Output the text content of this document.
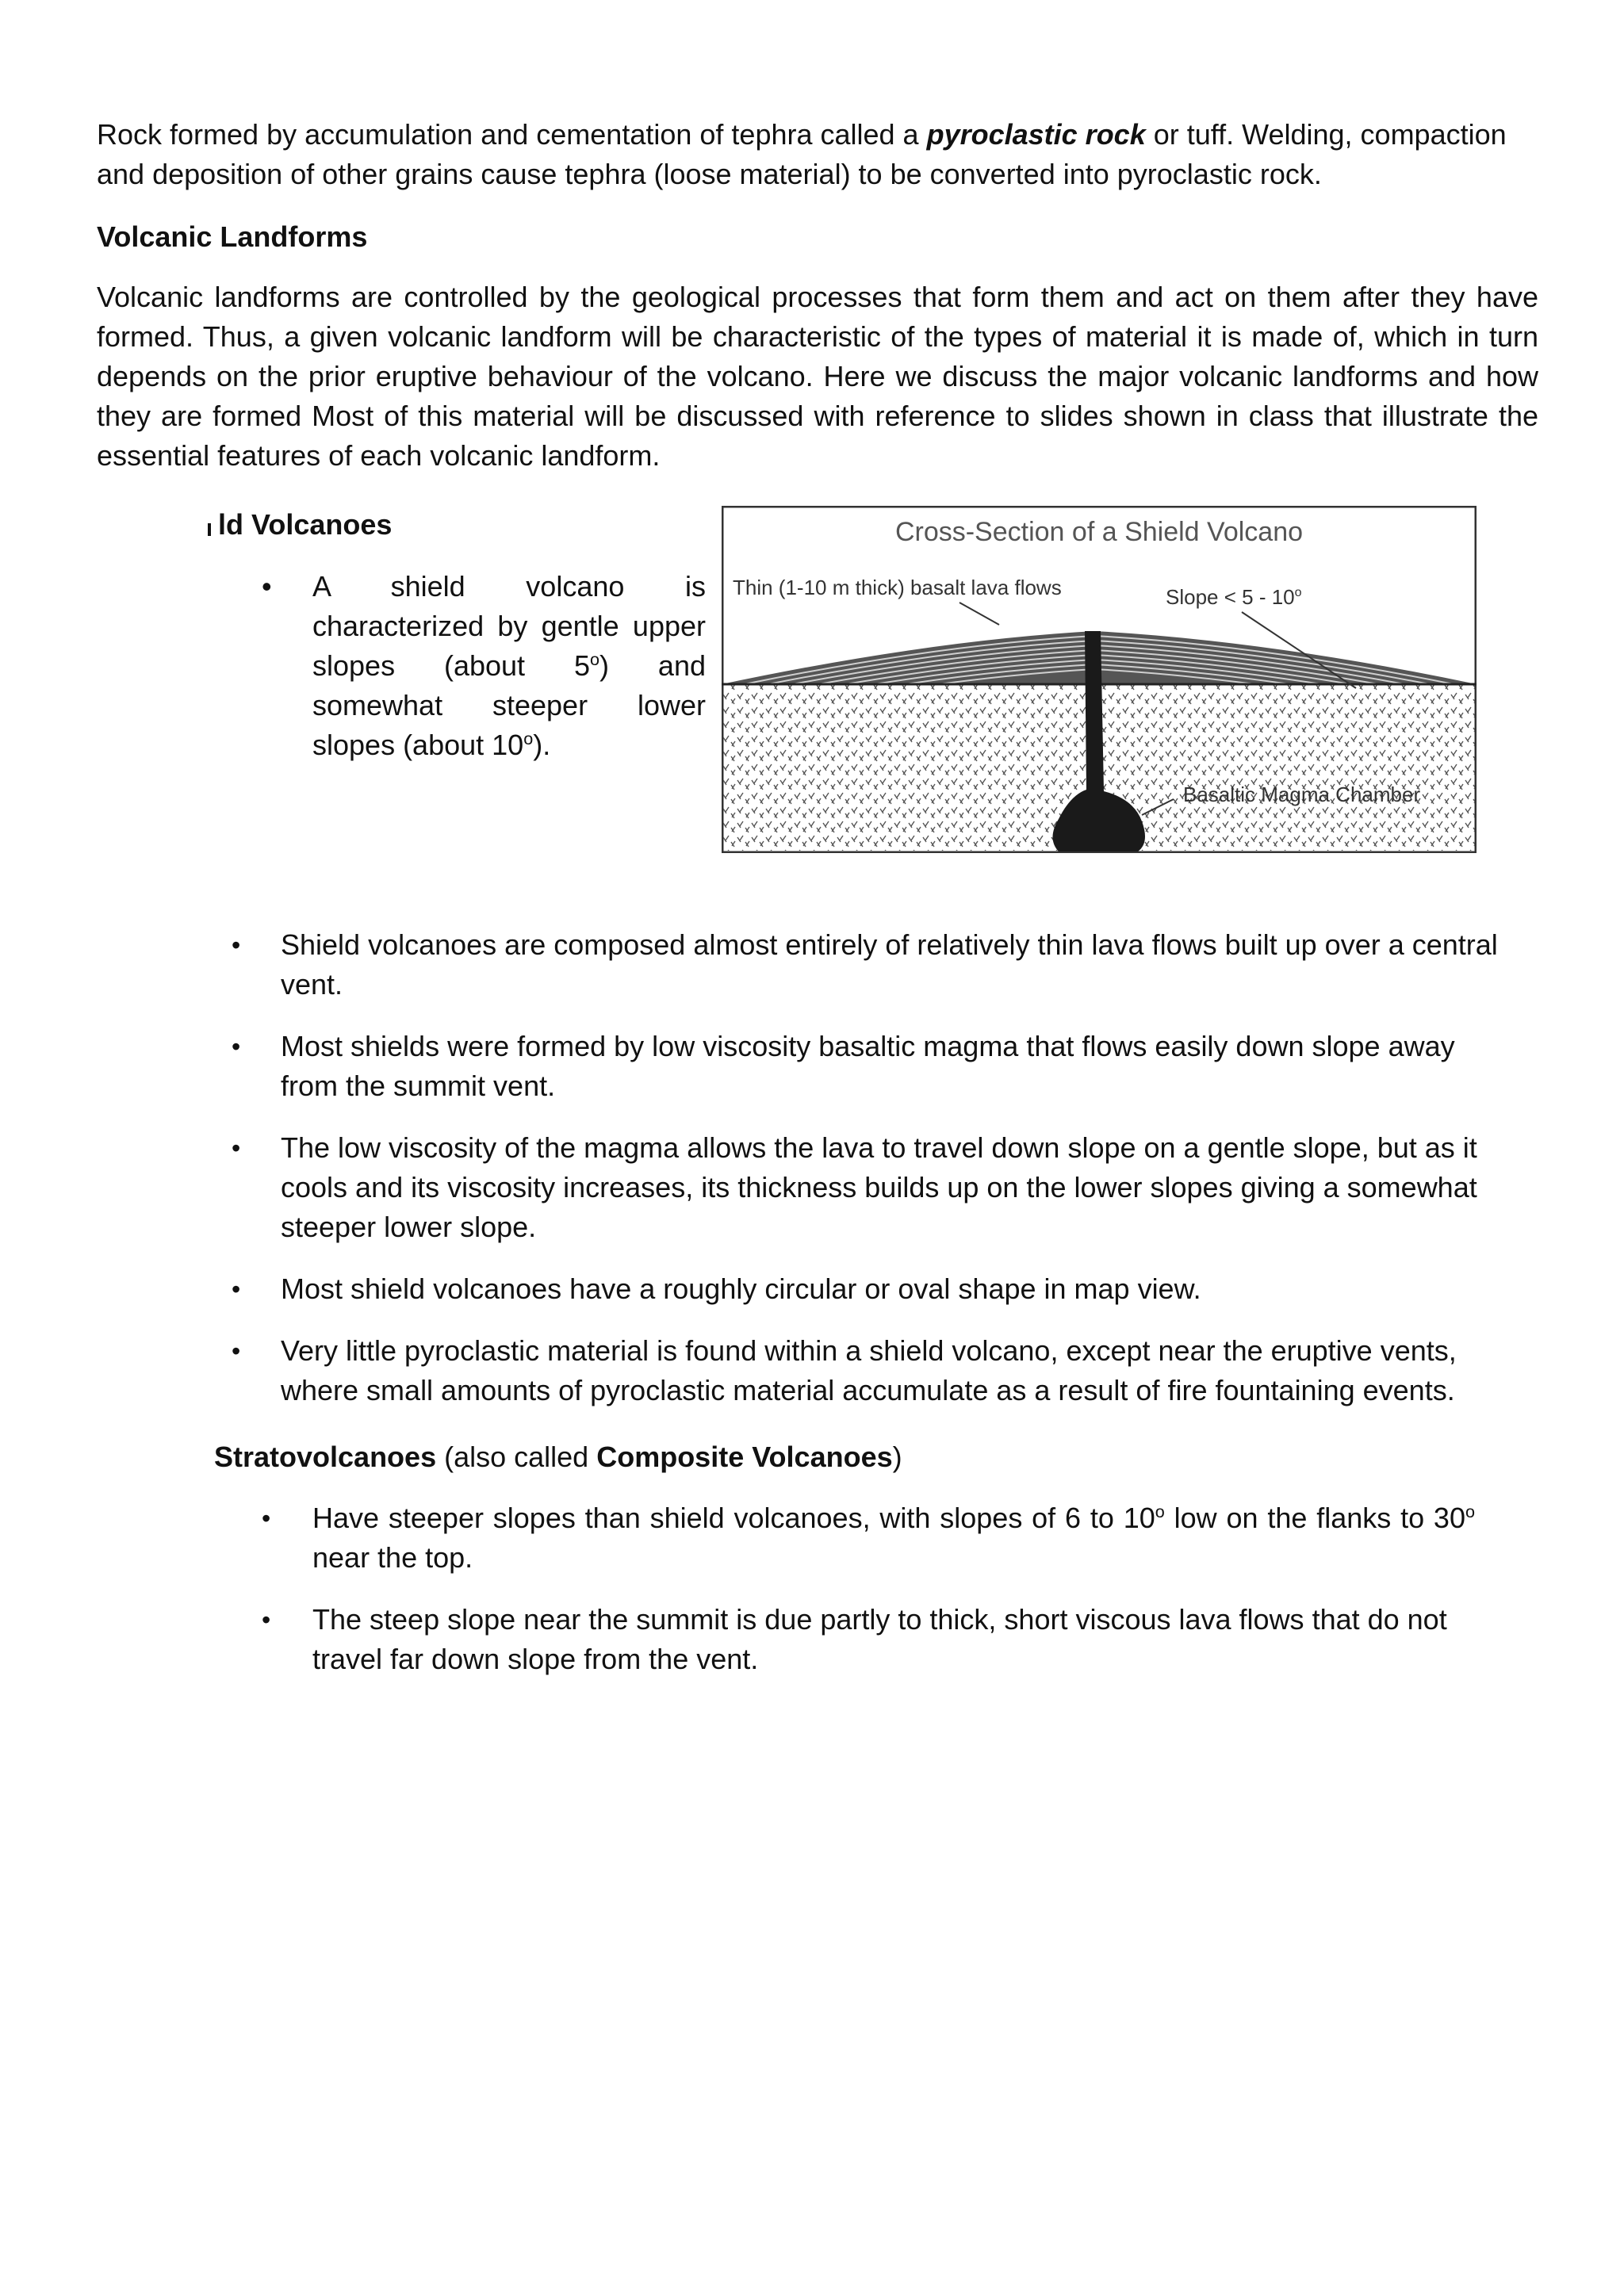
Rock formed by accumulation and cementation of tephra called a pyroclastic rock or tuff. Welding, compaction and deposition of other grains cause tephra (loose material) to be converted into pyroclastic rock.

Volcanic Landforms

Volcanic landforms are controlled by the geological processes that form them and act on them after they have formed. Thus, a given volcanic landform will be characteristic of the types of material it is made of, which in turn depends on the prior eruptive behaviour of the volcano. Here we discuss the major volcanic landforms and how they are formed Most of this material will be discussed with reference to slides shown in class that illustrate the essential features of each volcanic landform.

ld Volcanoes

• A shield volcano is characterized by gentle upper slopes (about 5$^o$) and somewhat steeper lower slopes (about 10$^o$).
Cross-Section of a Shield Volcano
Thin (1-10 m thick) basalt lava flows	Slope < 5 - 10$^o$
Basaltic Magma Chamber
• Shield volcanoes are composed almost entirely of relatively thin lava flows built up over a central vent.
• Most shields were formed by low viscosity basaltic magma that flows easily down slope away from the summit vent.
• The low viscosity of the magma allows the lava to travel down slope on a gentle slope, but as it cools and its viscosity increases, its thickness builds up on the lower slopes giving a somewhat steeper lower slope.
• Most shield volcanoes have a roughly circular or oval shape in map view.
• Very little pyroclastic material is found within a shield volcano, except near the eruptive vents, where small amounts of pyroclastic material accumulate as a result of fire fountaining events.

Stratovolcanoes (also called Composite Volcanoes)

• Have steeper slopes than shield volcanoes, with slopes of 6 to 10$^o$ low on the flanks to 30$^o$ near the top.
• The steep slope near the summit is due partly to thick, short viscous lava flows that do not travel far down slope from the vent.
